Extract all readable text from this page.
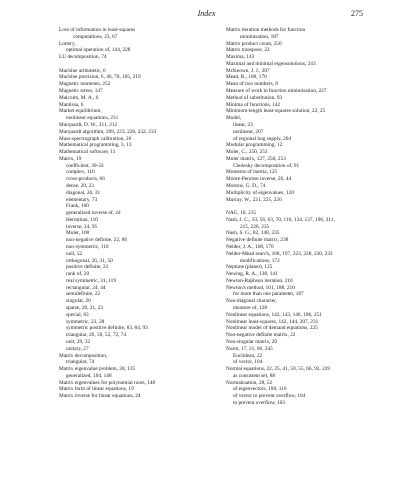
Index	275
Loss of information in least-squares
computations, 23, 67
Lottery,
optimal operation of, 144, 228
LU decomposition, 74

Machine arithmetic, 6
Machine precision, 6, 46, 70, 105, 219
Magnetic moments, 252
Magnetic stress, 147
Malcolm, M. A., 6
Mantissa, 6
Market equilibrium,
nonlinear equations, 231
Marquardt, D. W., 211, 212
Marquardt algorithm, 209, 223, 228, 232, 233
Mass-spectrograph calibration, 20
Mathematical programming, 3, 13
Mathematical software, 11
Matrix, 19
coefficient, 30-33
complex, 110
cross-products, 66
dense, 20, 23
diagonal, 26, 31
elementary, 73
Frank, 100
generalized inverse of, 24
Hermitian, 110
inverse, 24, 95
Moler, 100
non-negative definite, 22, 86
non-symmetric, 110
null, 52
orthogonal, 26, 31, 50
positive definite, 22
rank of, 20
real symmetric, 31, 119
rectangular, 24, 44
semidefinite, 22
singular, 20
sparse, 20, 21, 23
special, 83
symmetric, 23, 28
symmetric positive definite, 83, 84, 93
triangular, 26, 50, 52, 72, 74
unit, 29, 32
unitary, 27
Matrix decomposition,
triangular, 74
Matrix eigenvalue problem, 28, 135
generalized, 104, 148
Matrix eigenvalues for polynomial roots, 148
Matrix form of linear equations, 19
Matrix inverse for linear equations, 24
Matrix iteration methods for function
minimisation, 187
Matrix product count, 250
Matrix transpose, 22
Maxima, 143
Maximal and minimal eigensolutions, 243
McKeown, J. J., 207
Mead, R., 168, 170
Mean of two numbers, 8
Measure of work in function minimisation, 227
Method of substitution, 93
Minima of functions, 142
Minimum-length least-squares solution, 22, 25
Model,
linear, 23
nonlinear, 207
of regional hog supply, 204
Modular programming, 12
Moler, C., 250, 253
Moler matrix, 127, 250, 253
Cholesky decomposition of, 91
Moments of inertia, 125
Moore-Penrose inverse, 26, 44
Mostow, G. D., 74
Multiplicity of eigenvalues, 120
Murray, W., 221, 225, 226

NAG, 10, 215
Nash, J. C., 33, 56, 63, 70, 110, 134, 137, 196, 211,
215, 226, 235
Nash, S. G., 82, 148, 235
Negative definite matrix, 238
Nelder, J. A., 168, 170
Nelder-Mead search, 168, 197, 223, 228, 230, 233
modifications, 172
Neptune (planet), 125
Newing, R. A., 138, 141
Newton-Raphson iteration, 210
Newton's method, 101, 188, 210
for more than one parameter, 187
Non-diagonal character,
measure of, 128
Nonlinear equations, 142, 143, 146, 186, 251
Nonlinear least-squares, 142, 144, 207, 231
Nonlinear model of demand equations, 225
Non-negative definite matrix, 22
Non-singular matrix, 20
Norm, 17, 21, 66, 245
Euclidean, 22
of vector, 104
Normal equations, 22, 25, 41, 50, 55, 66, 92, 239
as consistent set, 88
Normalisation, 28, 52
of eigenvectors, 108, 110
of vector to prevent overflow, 104
to prevent overflow, 103
